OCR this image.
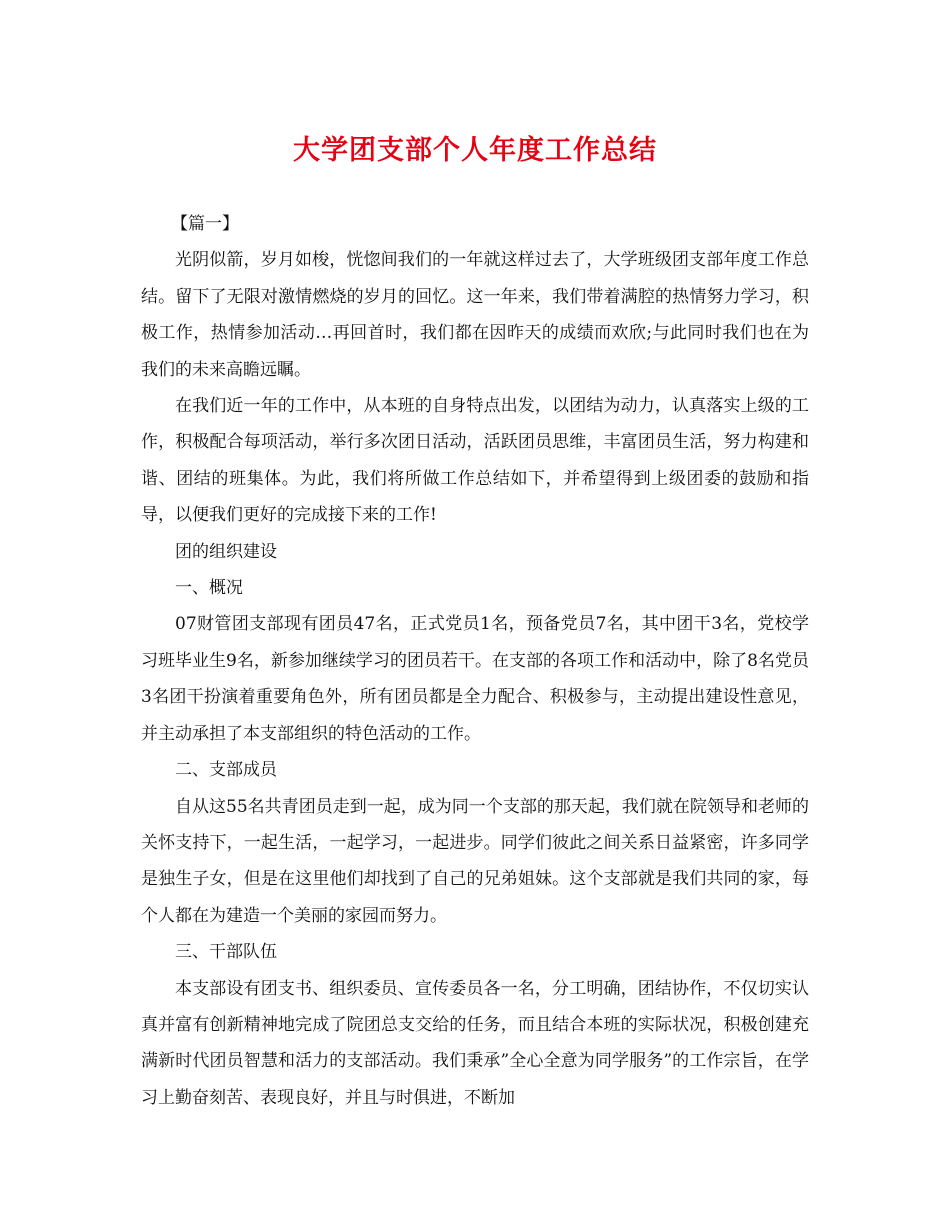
大学团支部个人年度工作总结

【篇一】

光阴似箭，岁月如梭，恍惚间我们的一年就这样过去了，大学班级团支部年度工作总结。留下了无限对激情燃烧的岁月的回忆。这一年来，我们带着满腔的热情努力学习，积极工作，热情参加活动…再回首时，我们都在因昨天的成绩而欢欣;与此同时我们也在为我们的未来高瞻远瞩。

在我们近一年的工作中，从本班的自身特点出发，以团结为动力，认真落实上级的工作，积极配合每项活动，举行多次团日活动，活跃团员思维，丰富团员生活，努力构建和谐、团结的班集体。为此，我们将所做工作总结如下，并希望得到上级团委的鼓励和指导，以便我们更好的完成接下来的工作!

团的组织建设

一、概况

07财管团支部现有团员47名，正式党员1名，预备党员7名，其中团干3名，党校学习班毕业生9名，新参加继续学习的团员若干。在支部的各项工作和活动中，除了8名党员3名团干扮演着重要角色外，所有团员都是全力配合、积极参与，主动提出建设性意见，并主动承担了本支部组织的特色活动的工作。

二、支部成员

自从这55名共青团员走到一起，成为同一个支部的那天起，我们就在院领导和老师的关怀支持下，一起生活，一起学习，一起进步。同学们彼此之间关系日益紧密，许多同学是独生子女，但是在这里他们却找到了自己的兄弟姐妹。这个支部就是我们共同的家，每个人都在为建造一个美丽的家园而努力。

三、干部队伍

本支部设有团支书、组织委员、宣传委员各一名，分工明确，团结协作，不仅切实认真并富有创新精神地完成了院团总支交给的任务，而且结合本班的实际状况，积极创建充满新时代团员智慧和活力的支部活动。我们秉承”全心全意为同学服务”的工作宗旨，在学习上勤奋刻苦、表现良好，并且与时俱进，不断加
